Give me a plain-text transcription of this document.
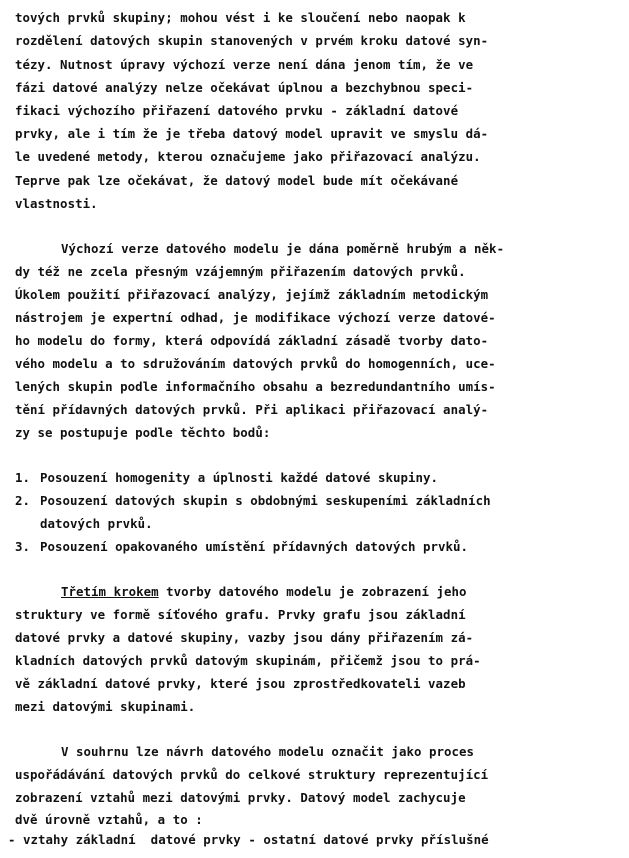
tových prvků skupiny; mohou vést i ke sloučení nebo naopak k
rozdělení datových skupin stanovených v prvém kroku datové syn-
tézy. Nutnost úpravy výchozí verze není dána jenom tím, že ve
fázi datové analýzy nelze očekávat úplnou a bezchybnou speci-
fikaci výchozího přiřazení datového prvku - základní datové
prvky, ale i tím že je třeba datový model upravit ve smyslu dá-
le uvedené metody, kterou označujeme jako přiřazovací analýzu.
Teprve pak lze očekávat, že datový model bude mít očekávané
vlastnosti.
Výchozí verze datového modelu je dána poměrně hrubým a něk-
dy též ne zcela přesným vzájemným přiřazením datových prvků.
Úkolem použití přiřazovací analýzy, jejímž základním metodickým
nástrojem je expertní odhad, je modifikace výchozí verze datové-
ho modelu do formy, která odpovídá základní zásadě tvorby dato-
vého modelu a to sdružováním datových prvků do homogenních, uce-
lených skupin podle informačního obsahu a bezredundantního umís-
tění přídavných datových prvků. Při aplikaci přiřazovací analý-
zy se postupuje podle těchto bodů:
1. Posouzení homogenity a úplnosti každé datové skupiny.
2. Posouzení datových skupin s obdobnými seskupeními základních
datových prvků.
3. Posouzení opakovaného umístění přídavných datových prvků.
Třetím krokem tvorby datového modelu je zobrazení jeho
struktury ve formě síťového grafu. Prvky grafu jsou základní
datové prvky a datové skupiny, vazby jsou dány přiřazením zá-
kladních datových prvků datovým skupinám, přičemž jsou to prá-
vě základní datové prvky, které jsou zprostředkovateli vazeb
mezi datovými skupinami.
V souhrnu lze návrh datového modelu označit jako proces
uspořádávání datových prvků do celkové struktury reprezentující
zobrazení vztahů mezi datovými prvky. Datový model zachycuje
dvě úrovně vztahů, a to :
- vztahy základní  datové prvky - ostatní datové prvky příslušné
